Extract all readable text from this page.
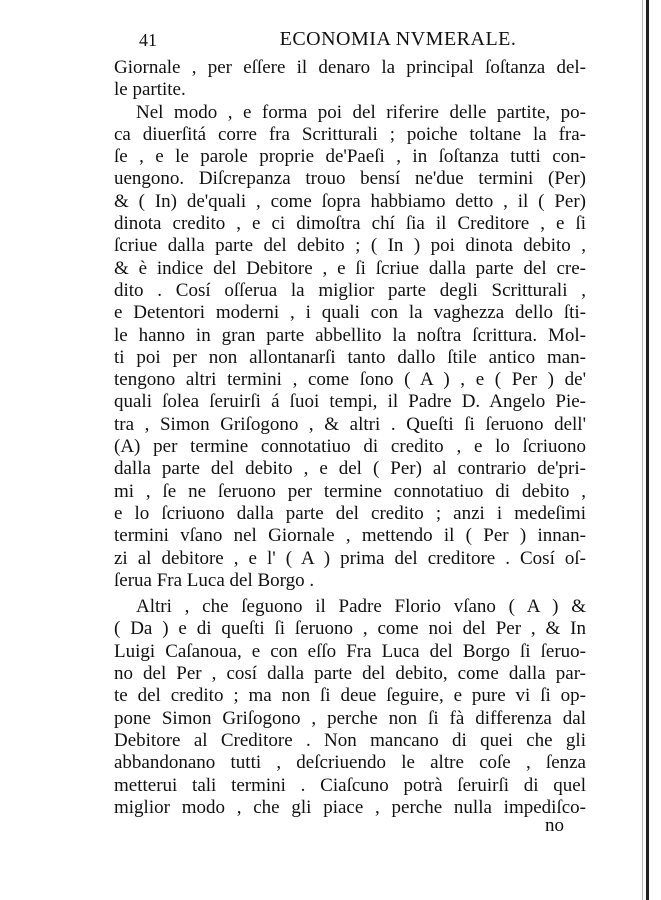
41	ECONOMIA NVMERALE.
Giornale , per eſſere il denaro la principal ſoſtanza del-
le partite.
Nel modo , e forma poi del riferire delle partite, po-
ca diuerſitá corre fra Scritturali ; poiche toltane la fra-
ſe , e le parole proprie de'Paeſi , in ſoſtanza tutti con-
uengono. Diſcrepanza trouo bensí ne'due termini (Per)
& ( In) de'quali , come ſopra habbiamo detto , il ( Per)
dinota credito , e ci dimoſtra chí ſia il Creditore , e ſi
ſcriue dalla parte del debito ; ( In ) poi dinota debito ,
& è indice del Debitore , e ſi ſcriue dalla parte del cre-
dito . Cosí oſſerua la miglior parte degli Scritturali ,
e Detentori moderni , i quali con la vaghezza dello ſti-
le hanno in gran parte abbellito la noſtra ſcrittura. Mol-
ti poi per non allontanarſi tanto dallo ſtile antico man-
tengono altri termini , come ſono ( A ) , e ( Per ) de'
quali ſolea ſeruirſi á ſuoi tempi, il Padre D. Angelo Pie-
tra , Simon Griſogono , & altri . Queſti ſi ſeruono dell'
(A) per termine connotatiuo di credito , e lo ſcriuono
dalla parte del debito , e del ( Per) al contrario de'pri-
mi , ſe ne ſeruono per termine connotatiuo di debito ,
e lo ſcriuono dalla parte del credito ; anzi i medeſimi
termini vſano nel Giornale , mettendo il ( Per ) innan-
zi al debitore , e l' ( A ) prima del creditore . Cosí oſ-
ſerua Fra Luca del Borgo .
Altri , che ſeguono il Padre Florio vſano ( A ) &
( Da ) e di queſti ſi ſeruono , come noi del Per , & In
Luigi Caſanoua, e con eſſo Fra Luca del Borgo ſi ſeruo-
no del Per , cosí dalla parte del debito, come dalla par-
te del credito ; ma non ſi deue ſeguire, e pure vi ſi op-
pone Simon Griſogono , perche non ſi fà differenza dal
Debitore al Creditore . Non mancano di quei che gli
abbandonano tutti , deſcriuendo le altre coſe , ſenza
metterui tali termini . Ciaſcuno potrà ſeruirſi di quel
miglior modo , che gli piace , perche nulla impediſco-
no
